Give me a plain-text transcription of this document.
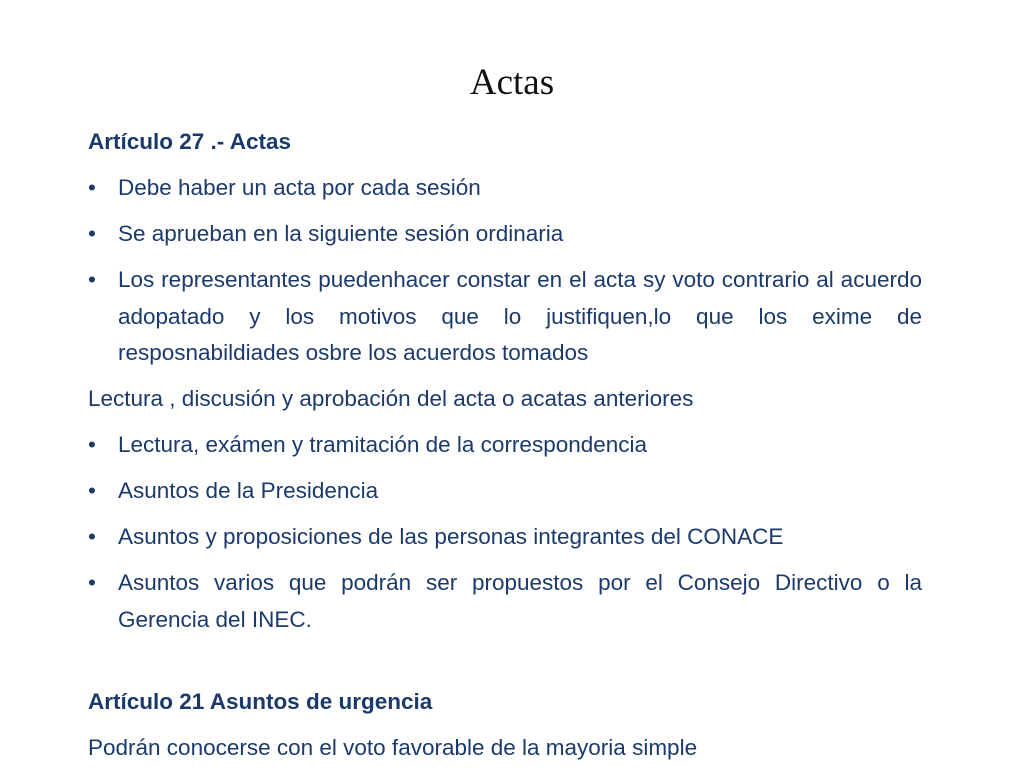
Actas

Artículo 27 .- Actas

• Debe haber un acta por cada sesión
• Se aprueban en la siguiente sesión ordinaria
• Los representantes puedenhacer constar en el acta sy voto contrario al acuerdo adopatado y los motivos que lo justifiquen,lo que los exime de resposnabildiades osbre los acuerdos tomados

Lectura , discusión y aprobación del acta o acatas anteriores

• Lectura, exámen y tramitación de la correspondencia
• Asuntos de la Presidencia
• Asuntos y proposiciones de las personas integrantes del CONACE
• Asuntos varios que podrán ser propuestos por el Consejo Directivo o la Gerencia del INEC.

Artículo 21 Asuntos de urgencia

Podrán conocerse con el voto favorable de la mayoria simple
